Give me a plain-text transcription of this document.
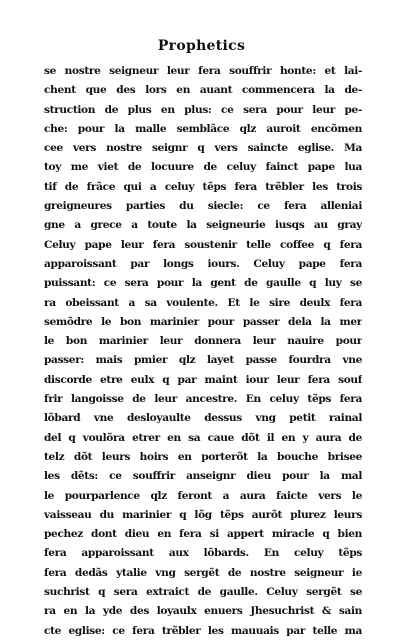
Prophetics
se nostre seigneur leur fera souffrir honte: et lai-
chent que des lors en auant commencera la de-
struction de plus en plus: ce sera pour leur pe-
che: pour la malle semblãce qlz auroit encõmen
cee vers nostre seignr q vers saincte eglise. Ma
toy me viet de locuure de celuy fainct pape lua
tif de frãce qui a celuy tẽps fera trẽbler les trois
greigneures parties du siecle: ce fera alleniai
gne a grece a toute la seigneurie iusqs au gray
Celuy pape leur fera soustenir telle coffee q fera
apparoissant par longs iours. Celuy pape fera
puissant: ce sera pour la gent de gaulle q luy se
ra obeissant a sa voulente. Et le sire deulx fera
semõdre le bon marinier pour passer dela la mer
le bon marinier leur donnera leur nauire pour
passer: mais pmier qlz layet passe fourdra vne
discorde etre eulx q par maint iour leur fera souf
frir langoisse de leur ancestre. En celuy tẽps fera
lõbard vne desloyaulte dessus vng petit rainal
del q voulõra etrer en sa caue dõt il en y aura de
telz dõt leurs hoirs en porterõt la bouche brisee
les dẽts: ce souffrir anseignr dieu pour la mal
le pourparlence qlz feront a aura faicte vers le
vaisseau du marinier q lõg tẽps aurõt plurez leurs
pechez dont dieu en fera si appert miracle q bien
fera apparoissant aux lõbards. En celuy tẽps
fera dedãs ytalie vng sergẽt de nostre seigneur ie
suchrist q sera extraict de gaulle. Celuy sergẽt se
ra en la yde des loyaulx enuers Jhesuchrist & sain
cte eglise: ce fera trẽbler les mauuais par telle ma
